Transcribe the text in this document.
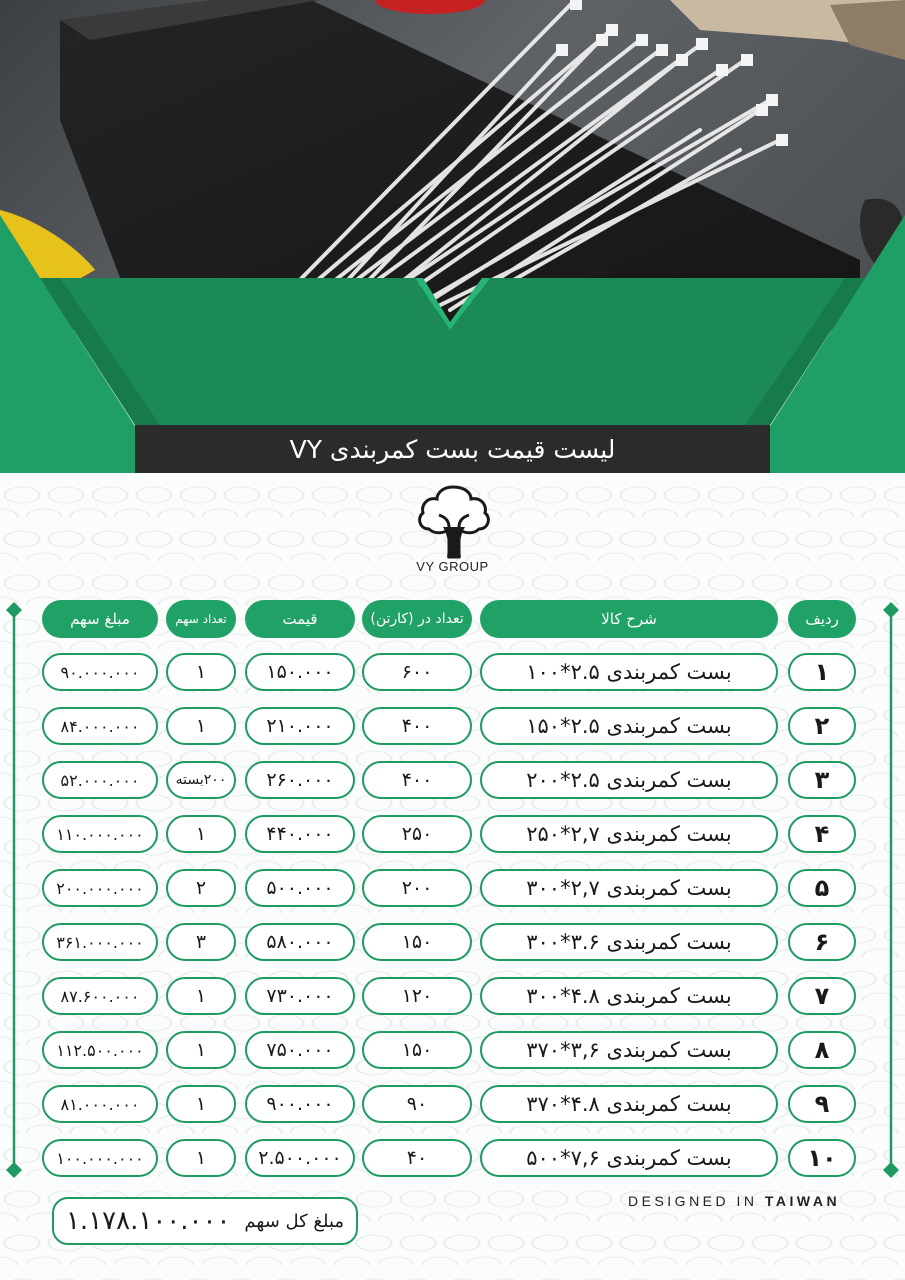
لیست قیمت بست کمربندی VY
VY GROUP
ردیف
شرح کالا
تعداد در (کارتن)
قیمت
تعداد سهم
مبلغ سهم
۱
بست کمربندی ۲.۵*۱۰۰
۶۰۰
۱۵۰.۰۰۰
۱
۹۰.۰۰۰.۰۰۰
۲
بست کمربندی ۲.۵*۱۵۰
۴۰۰
۲۱۰.۰۰۰
۱
۸۴.۰۰۰.۰۰۰
۳
بست کمربندی ۲.۵*۲۰۰
۴۰۰
۲۶۰.۰۰۰
۲۰۰بسته
۵۲.۰۰۰.۰۰۰
۴
بست کمربندی ۲,۷*۲۵۰
۲۵۰
۴۴۰.۰۰۰
۱
۱۱۰.۰۰۰.۰۰۰
۵
بست کمربندی ۲,۷*۳۰۰
۲۰۰
۵۰۰.۰۰۰
۲
۲۰۰.۰۰۰.۰۰۰
۶
بست کمربندی ۳.۶*۳۰۰
۱۵۰
۵۸۰.۰۰۰
۳
۳۶۱.۰۰۰.۰۰۰
۷
بست کمربندی ۴.۸*۳۰۰
۱۲۰
۷۳۰.۰۰۰
۱
۸۷.۶۰۰.۰۰۰
۸
بست کمربندی ۳,۶*۳۷۰
۱۵۰
۷۵۰.۰۰۰
۱
۱۱۲.۵۰۰.۰۰۰
۹
بست کمربندی ۴.۸*۳۷۰
۹۰
۹۰۰.۰۰۰
۱
۸۱.۰۰۰.۰۰۰
۱۰
بست کمربندی ۷,۶*۵۰۰
۴۰
۲.۵۰۰.۰۰۰
۱
۱۰۰.۰۰۰.۰۰۰
مبلغ کل سهم
۱.۱۷۸.۱۰۰.۰۰۰
DESIGNED IN TAIWAN
